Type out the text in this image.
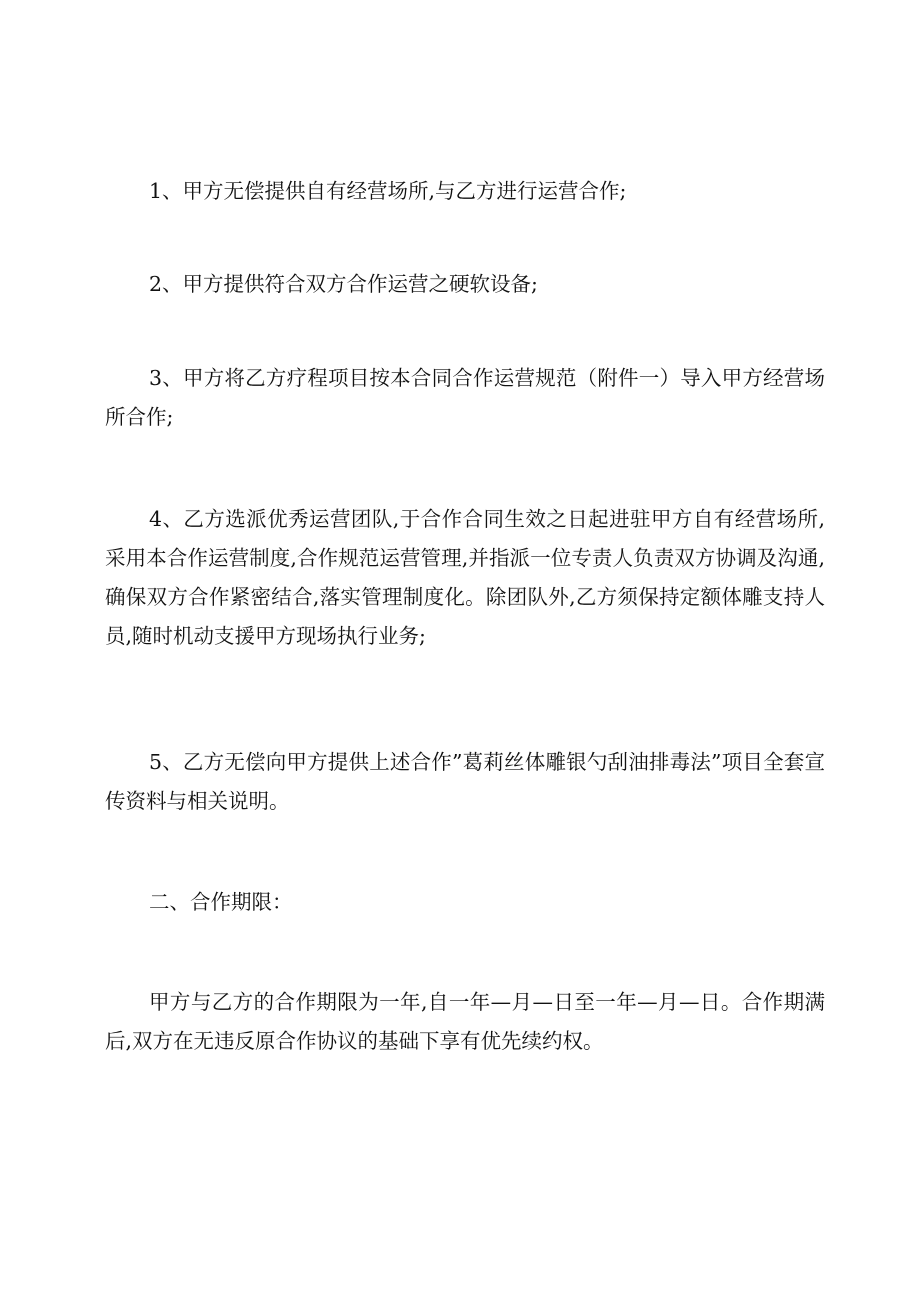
1、甲方无偿提供自有经营场所,与乙方进行运营合作;

2、甲方提供符合双方合作运营之硬软设备;

3、甲方将乙方疗程项目按本合同合作运营规范（附件一）导入甲方经营场所合作;

4、乙方选派优秀运营团队,于合作合同生效之日起进驻甲方自有经营场所,采用本合作运营制度,合作规范运营管理,并指派一位专责人负责双方协调及沟通,确保双方合作紧密结合,落实管理制度化。除团队外,乙方须保持定额体雕支持人员,随时机动支援甲方现场执行业务;

5、乙方无偿向甲方提供上述合作”葛莉丝体雕银勺刮油排毒法”项目全套宣传资料与相关说明。

二、合作期限：

甲方与乙方的合作期限为一年,自一年—月—日至一年—月—日。合作期满后,双方在无违反原合作协议的基础下享有优先续约权。
